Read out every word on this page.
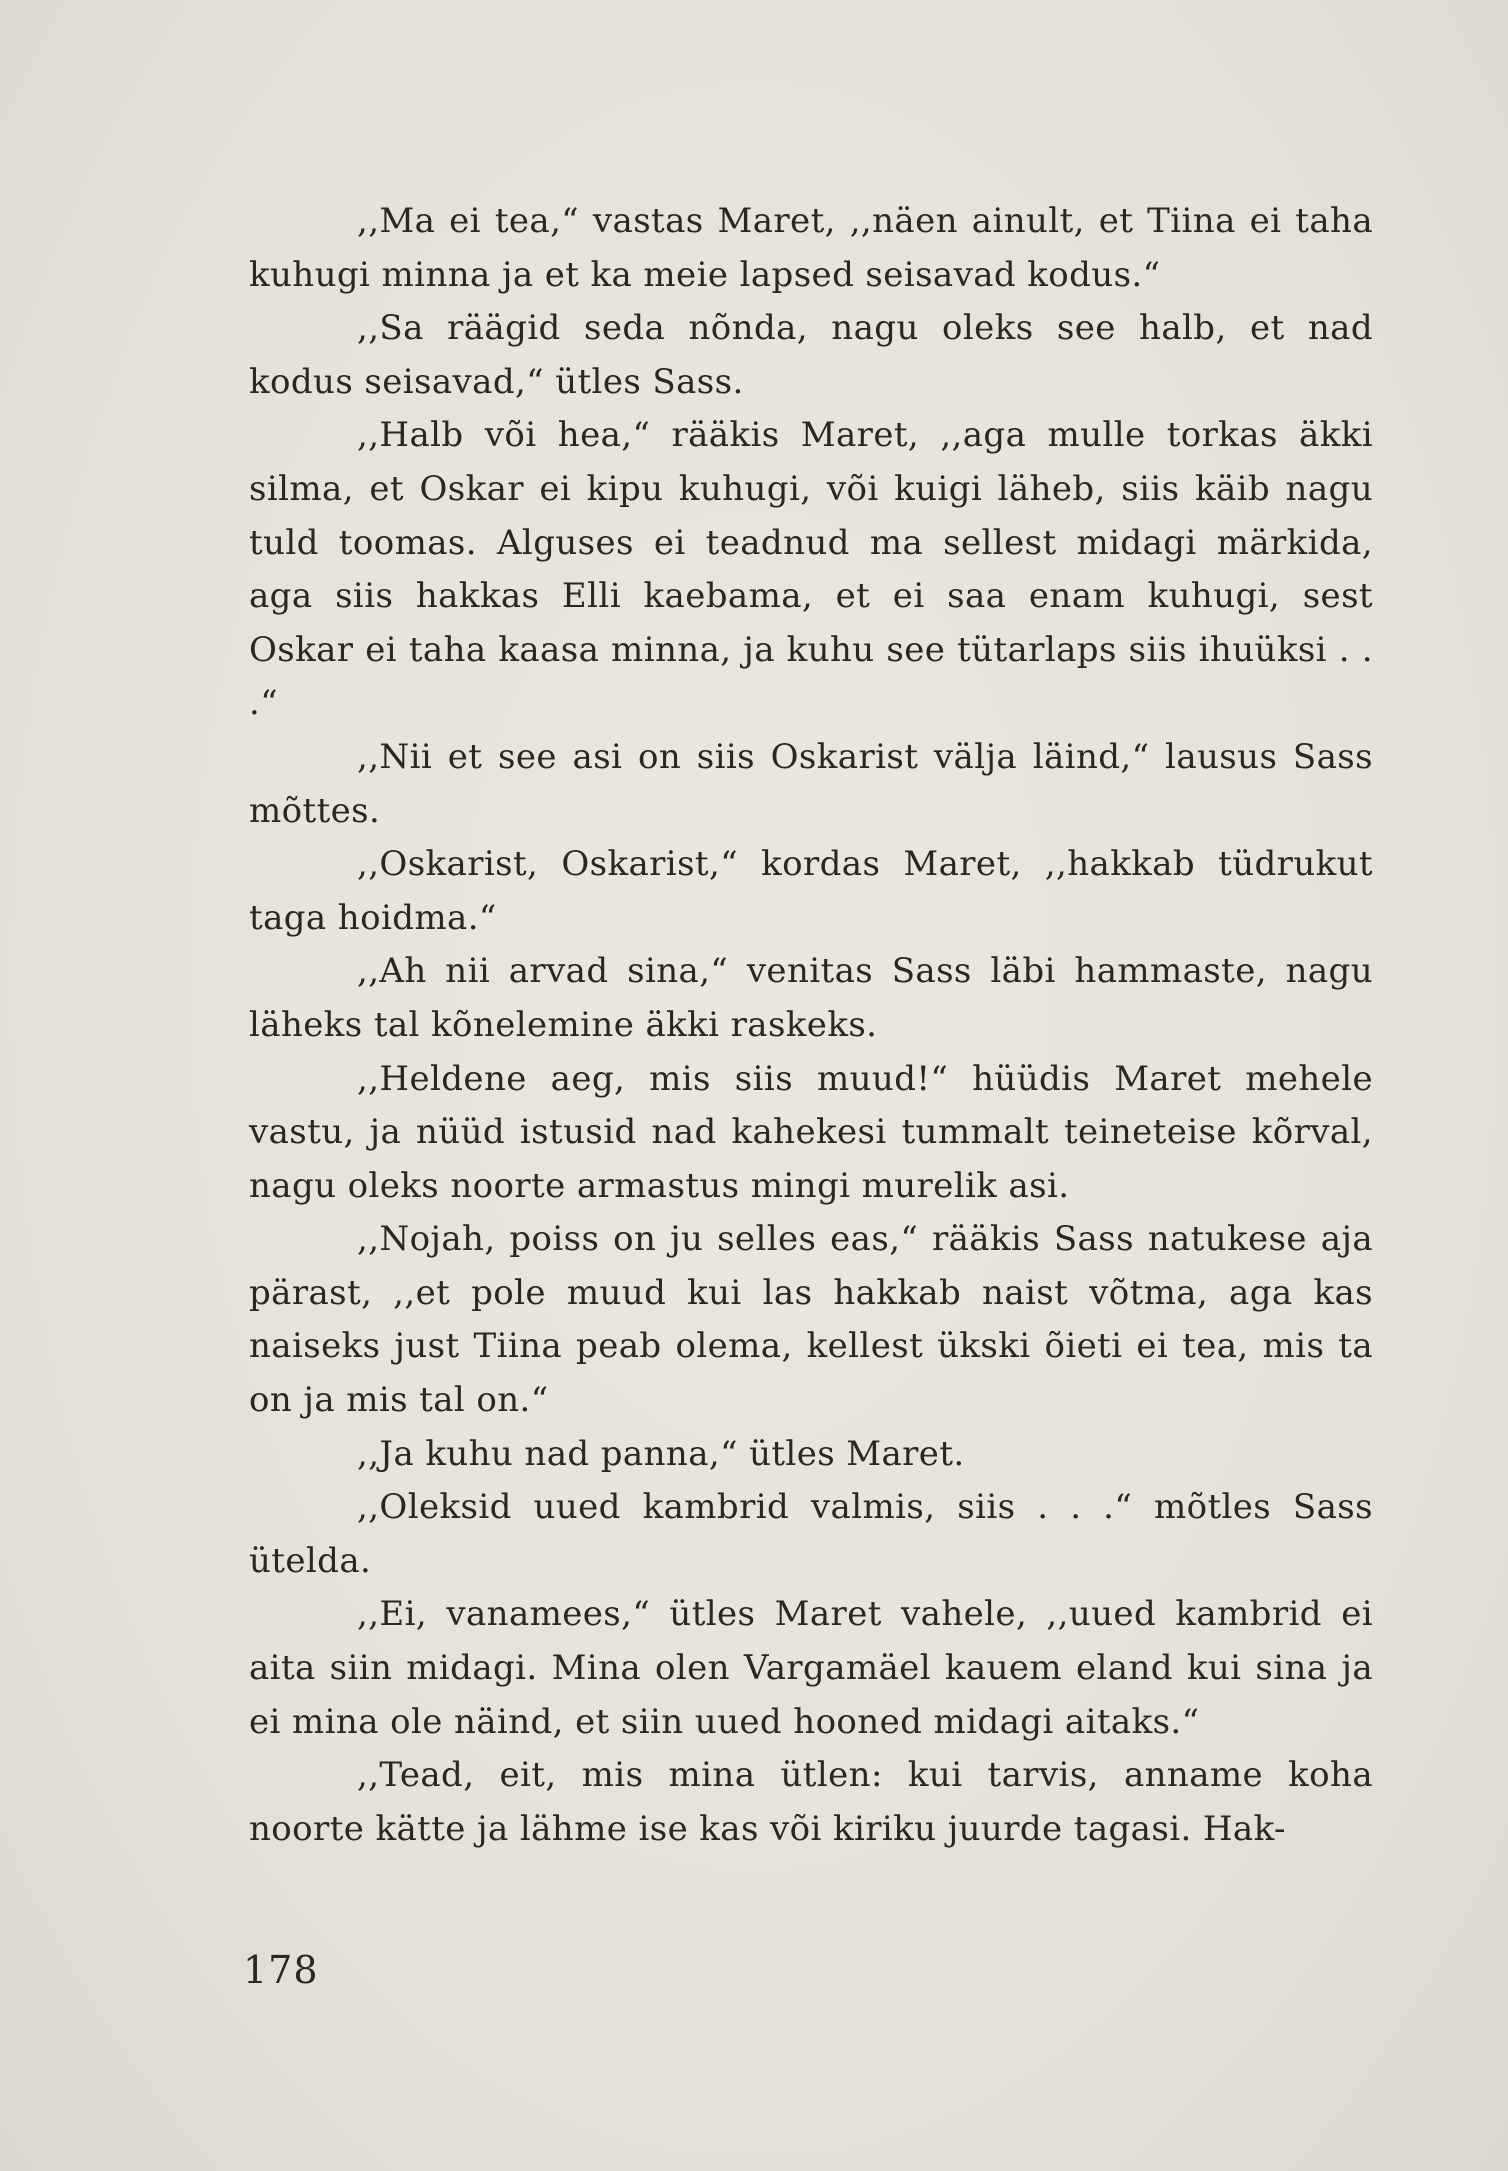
,,Ma ei tea,“ vastas Maret, ,,näen ainult, et Tiina ei taha kuhugi minna ja et ka meie lapsed seisavad kodus.“

,,Sa räägid seda nõnda, nagu oleks see halb, et nad kodus seisavad,“ ütles Sass.

,,Halb või hea,“ rääkis Maret, ,,aga mulle torkas äkki silma, et Oskar ei kipu kuhugi, või kuigi läheb, siis käib nagu tuld toomas. Alguses ei teadnud ma sellest midagi märkida, aga siis hakkas Elli kaebama, et ei saa enam kuhugi, sest Oskar ei taha kaasa minna, ja kuhu see tütarlaps siis ihuüksi . . .“

,,Nii et see asi on siis Oskarist välja läind,“ lausus Sass mõttes.

,,Oskarist, Oskarist,“ kordas Maret, ,,hakkab tüdrukut taga hoidma.“

,,Ah nii arvad sina,“ venitas Sass läbi hammaste, nagu läheks tal kõnelemine äkki raskeks.

,,Heldene aeg, mis siis muud!“ hüüdis Maret mehele vastu, ja nüüd istusid nad kahekesi tummalt teineteise kõrval, nagu oleks noorte armastus mingi murelik asi.

,,Nojah, poiss on ju selles eas,“ rääkis Sass natukese aja pärast, ,,et pole muud kui las hakkab naist võtma, aga kas naiseks just Tiina peab olema, kellest ükski õieti ei tea, mis ta on ja mis tal on.“

,,Ja kuhu nad panna,“ ütles Maret.

,,Oleksid uued kambrid valmis, siis . . .“ mõtles Sass ütelda.

,,Ei, vanamees,“ ütles Maret vahele, ,,uued kambrid ei aita siin midagi. Mina olen Vargamäel kauem eland kui sina ja ei mina ole näind, et siin uued hooned midagi aitaks.“

,,Tead, eit, mis mina ütlen: kui tarvis, anname koha noorte kätte ja lähme ise kas või kiriku juurde tagasi. Hak-

178
